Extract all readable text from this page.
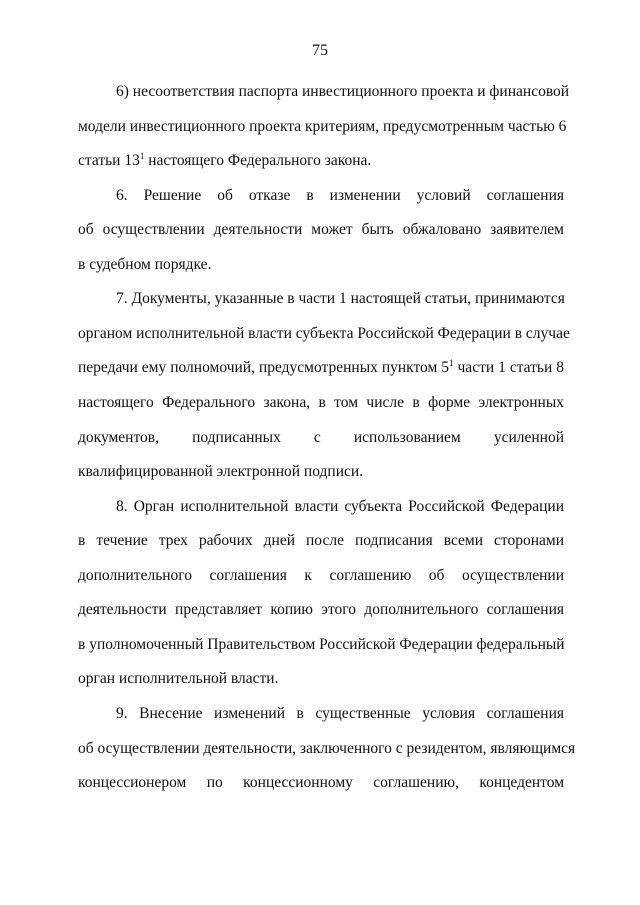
75
6) несоответствия паспорта инвестиционного проекта и финансовой
модели инвестиционного проекта критериям, предусмотренным частью 6
статьи $13^1$ настоящего Федерального закона.
6. Решение об отказе в изменении условий соглашения
об осуществлении деятельности может быть обжаловано заявителем
в судебном порядке.
7. Документы, указанные в части 1 настоящей статьи, принимаются
органом исполнительной власти субъекта Российской Федерации в случае
передачи ему полномочий, предусмотренных пунктом $5^1$ части 1 статьи 8
настоящего Федерального закона, в том числе в форме электронных
документов, подписанных с использованием усиленной
квалифицированной электронной подписи.
8. Орган исполнительной власти субъекта Российской Федерации
в течение трех рабочих дней после подписания всеми сторонами
дополнительного соглашения к соглашению об осуществлении
деятельности представляет копию этого дополнительного соглашения
в уполномоченный Правительством Российской Федерации федеральный
орган исполнительной власти.
9. Внесение изменений в существенные условия соглашения
об осуществлении деятельности, заключенного с резидентом, являющимся
концессионером по концессионному соглашению, концедентом
